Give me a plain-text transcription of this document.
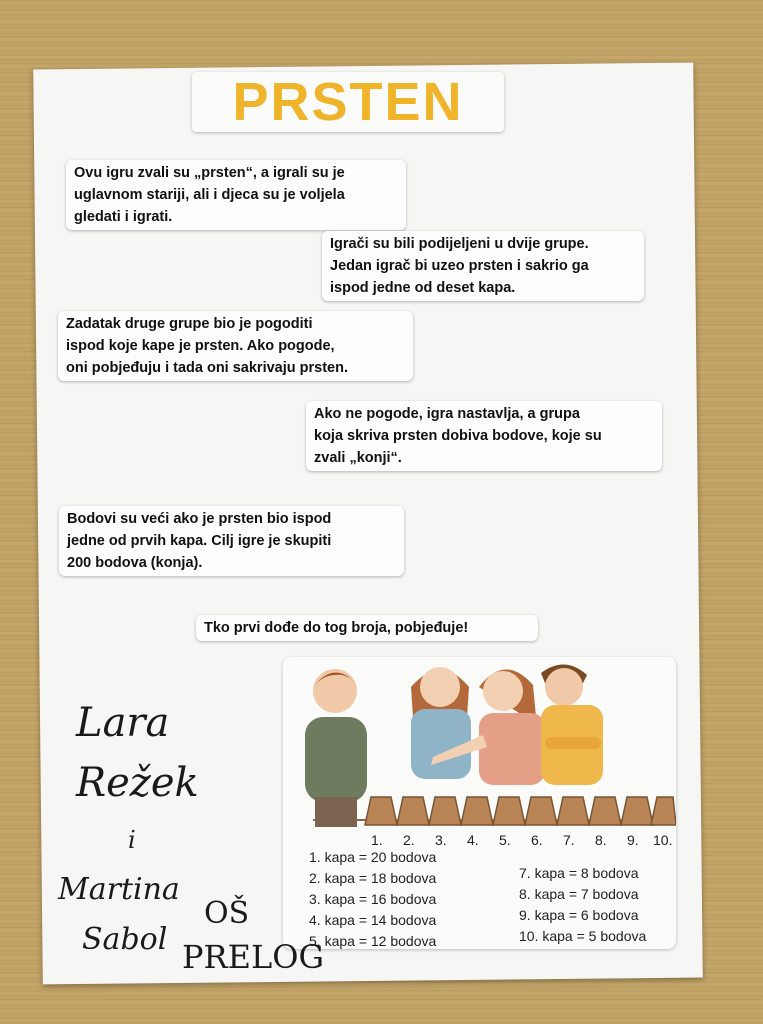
PRSTEN
Ovu igru zvali su „prsten“, a igrali su je
uglavnom stariji, ali i djeca su je voljela
gledati i igrati.
Igrači su bili podijeljeni u dvije grupe.
Jedan igrač bi uzeo prsten i sakrio ga
ispod jedne od deset kapa.
Zadatak druge grupe bio je pogoditi
ispod koje kape je prsten. Ako pogode,
oni pobjeđuju i tada oni sakrivaju prsten.
Ako ne pogode, igra nastavlja, a grupa
koja skriva prsten dobiva bodove, koje su
zvali „konji“.
Bodovi su veći ako je prsten bio ispod
jedne od prvih kapa. Cilj igre je skupiti
200 bodova (konja).
Tko prvi dođe do tog broja, pobjeđuje!
1. 2. 3. 4. 5. 6. 7. 8. 9. 10.
1. kapa = 20 bodova
2. kapa = 18 bodova
3. kapa = 16 bodova
4. kapa = 14 bodova
5. kapa = 12 bodova
7. kapa = 8 bodova
8. kapa = 7 bodova
9. kapa = 6 bodova
10. kapa = 5 bodova
Lara
Režek
i
Martina
Sabol
OŠ
PRELOG
